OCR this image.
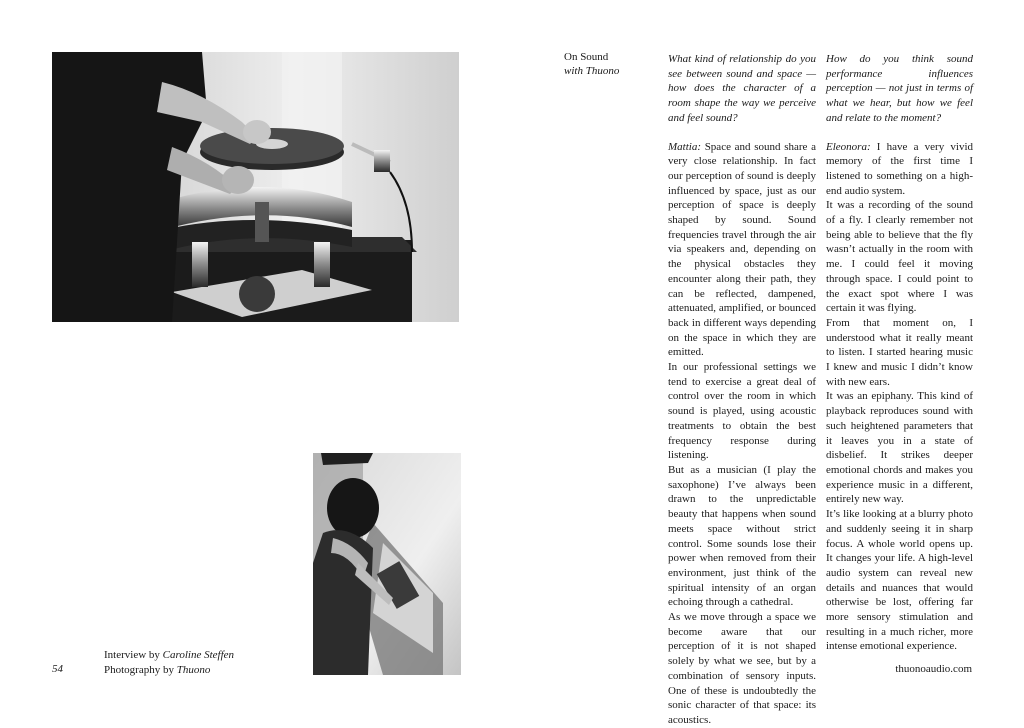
On Sound
with Thuono

What kind of relationship do you see between sound and space — how does the character of a room shape the way we perceive and feel sound?

Mattia: Space and sound share a very close relationship. In fact our perception of sound is deeply influenced by space, just as our perception of space is deeply shaped by sound. Sound frequencies travel through the air via speakers and, depending on the physical obstacles they encounter along their path, they can be reflected, dampened, attenuated, amplified, or bounced back in different ways depending on the space in which they are emitted.

In our professional settings we tend to exercise a great deal of control over the room in which sound is played, using acoustic treatments to obtain the best frequency response during listening.

But as a musician (I play the saxophone) I’ve always been drawn to the unpredictable beauty that happens when sound meets space without strict control. Some sounds lose their power when removed from their environment, just think of the spiritual intensity of an organ echoing through a cathedral.

As we move through a space we become aware that our perception of it is not shaped solely by what we see, but by a combination of sensory inputs. One of these is undoubtedly the sonic character of that space: its acoustics.

How do you think sound performance influences perception — not just in terms of what we hear, but how we feel and relate to the moment?

Eleonora: I have a very vivid memory of the first time I listened to something on a high-end audio system.

It was a recording of the sound of a fly. I clearly remember not being able to believe that the fly wasn’t actually in the room with me. I could feel it moving through space. I could point to the exact spot where I was certain it was flying.

From that moment on, I understood what it really meant to listen. I started hearing music I knew and music I didn’t know with new ears.

It was an epiphany. This kind of playback reproduces sound with such heightened parameters that it leaves you in a state of disbelief. It strikes deeper emotional chords and makes you experience music in a different, entirely new way.

It’s like looking at a blurry photo and suddenly seeing it in sharp focus. A whole world opens up. It changes your life. A high-level audio system can reveal new details and nuances that would otherwise be lost, offering far more sensory stimulation and resulting in a much richer, more intense emotional experience.

Interview by Caroline Steffen
Photography by Thuono
54	thuonoaudio.com
